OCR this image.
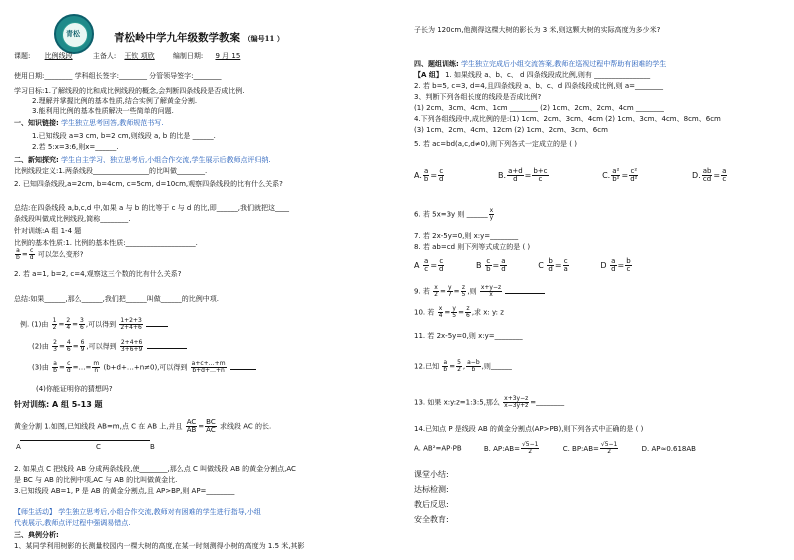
青松	青松岭中学九年级数学教案 （编号11 ）
课题: 比例线段	主备人: 王钦 项欣	编制日期: 9 月 15
使用日期:________ 学科组长签字:________ 分管领导签字:________
学习目标:1.了解线段的比和成比例线段的概念,会判断四条线段是否成比例.
2.理解并掌握比例的基本性质,结合实例了解黄金分割.
3.能利用比例的基本性质解决一些简单的问题.
一、知识链接: 学生独立思考回答,教师规范书写.
1.已知线段 a=3 cm, b=2 cm,则线段 a, b 的比是 ______.
2.若 5:x=3:6,则x=______.
二、新知探究: 学生自主学习、独立思考后,小组合作交流,学生展示后教师点评归纳.
比例线段定义:1.两条线段________________的比叫做________.
2. 已知四条线段,a=2cm, b=4cm, c=5cm, d=10cm,观察四条线段的比有什么关系?
总结:在四条线段 a,b,c,d 中,如果 a 与 b 的比等于 c 与 d 的比,即______,我们就把这____
条线段叫做成比例线段,简称________.
针对训练:A 组 1-4 题
比例的基本性质:1. 比例的基本性质:____________________.
$\frac{a}{b} = \frac{c}{d}$ 可以怎么变形?
2. 若 a=1, b=2, c=4,观察这三个数的比有什么关系?
总结:如果______,那么______,我们把______叫做______的比例中项.
例. (1)由 $\frac{1}{2} = \frac{2}{4} = \frac{3}{6}$ ,可以得到 $\frac{1+2+3}{2+4+6}$

(2)由 $\frac{2}{3} = \frac{4}{6} = \frac{6}{9}$ ,可以得到 $\frac{2+4+6}{3+6+9}$

(3)由 $\frac{a}{b} = \frac{c}{d}$ =…= $\frac{m}{n}$ (b+d+…+n≠0),可以得到 $\frac{a+c+\dots+m}{b+d+\dots+n}$

(4)你能证明你的猜想吗?
针对训练: A 组 5-13 题
黄金分割 1.如图,已知线段 AB=m,点 C 在 AB 上,并且 $\frac{AC}{AB} = \frac{BC}{AC}$ 求线段 AC 的长.
A	C	B
2. 如果点 C 把线段 AB 分成两条线段,使________,那么点 C 叫做线段 AB 的黄金分割点,AC
是 BC 与 AB 的比例中项,AC 与 AB 的比叫做黄金比.
3.已知线段 AB=1, P 是 AB 的黄金分割点,且 AP>BP,则 AP=________
【师生活动】 学生独立思考后,小组合作交流,教师对有困难的学生进行指导,小组
代表展示,教师点评过程中强调易错点.
三、典例分析:
1、某同学利用树影的长测量校园内一棵大树的高度,在某一时刻测得小树的高度为 1.5 米,其影
子长为 120cm,他测得这棵大树的影长为 3 米,则这颗大树的实际高度为多少米?
四、题组训练: 学生独立完成后小组交流答案,教师在巡视过程中帮助有困难的学生
【A 组】 1. 如果线段 a、b、c、 d 四条线段成比例,则有 ________________
2. 若 b=5, c=3, d=4,且四条线段 a、b、c、d 四条线段成比例,则 a=________
3、判断下列各组长度的线段是否成比例?
(1) 2cm、3cm、4cm、1cm ________ (2) 1cm、2cm、2cm、4cm ________
4.下列各组线段中,成比例的是:(1) 1cm、2cm、3cm、4cm (2) 1cm、3cm、4cm、8cm、6cm
(3) 1cm、2cm、4cm、12cm (2) 1cm、2cm、3cm、6cm
5. 若 ac=bd(a,c,d≠0),则下列各式一定成立的是 ( )
A. $\frac{a}{b} = \frac{c}{d}$	B. $\frac{a+d}{d} = \frac{b+c}{c}$	C. $\frac{\text{a²}}{\text{b²}} = \frac{\text{c²}}{\text{d²}}$	D. $\frac{ab}{cd} = \frac{a}{c}$
6. 若 5x=3y 则 ______ $\frac{x}{y}$
7. 若 2x-5y=0,则 x:y=________
8. 若 ab=cd 则下列等式成立的是 ( )
A $\frac{a}{c} = \frac{c}{d}$	B $\frac{c}{b} = \frac{a}{d}$	C $\frac{b}{d} = \frac{c}{a}$	D $\frac{a}{d} = \frac{b}{c}$
9. 若 $\frac{x}{2} = \frac{y}{7} = \frac{z}{5}$ ,则 $\frac{x+y-z}{x}$

10. 若 $\frac{x}{4} = \frac{y}{5} = \frac{z}{6}$ ,求 x: y: z
11. 若 2x-5y=0,则 x:y=________
12.已知 $\frac{a}{b} = \frac{5}{2}$ , $\frac{a-b}{b}$ ,则______
13. 如果 x:y:z=1:3:5,那么 $\frac{x+3y-z}{x-3y+z}$ =________
14.已知点 P 是线段 AB 的黄金分割点(AP>PB),则下列各式中正确的是 ( )
A. AB²=AP·PB	B. AP:AB= $\frac{√5-1}{2}$	C. BP:AB= $\frac{√5-1}{2}$	D. AP≈0.618AB
课堂小结:
达标检测:
教后反思:
安全教育:
